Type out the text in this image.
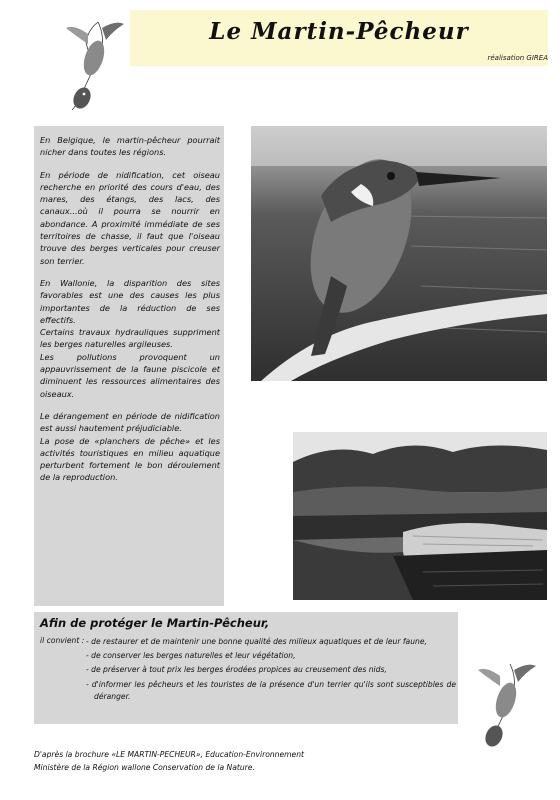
Le Martin-Pêcheur
réalisation GIREA

En Belgique, le martin-pêcheur pourrait nicher dans toutes les régions.

En période de nidification, cet oiseau recherche en priorité des cours d'eau, des mares, des étangs, des lacs, des canaux...où il pourra se nourrir en abondance. A proximité immédiate de ses territoires de chasse, il faut que l'oiseau trouve des berges verticales pour creuser son terrier.

En Wallonie, la disparition des sites favorables est une des causes les plus importantes de la réduction de ses effectifs.

Certains travaux hydrauliques suppriment les berges naturelles argileuses.

Les pollutions provoquent un appauvrissement de la faune piscicole et diminuent les ressources alimentaires des oiseaux.

Le dérangement en période de nidification est aussi hautement préjudiciable.

La pose de «planchers de pêche» et les activités touristiques en milieu aquatique perturbent fortement le bon déroulement de la reproduction.

Afin de protéger le Martin-Pêcheur,
il convient : - de restaurer et de maintenir une bonne qualité des milieux aquatiques et de leur faune,
- de conserver les berges naturelles et leur végétation,
- de préserver à tout prix les berges érodées propices au creusement des nids,
- d'informer les pêcheurs et les touristes de la présence d'un terrier qu'ils sont susceptibles de déranger.
D'après la brochure «LE MARTIN-PECHEUR», Education-Environnement
Ministère de la Région wallone Conservation de la Nature.
